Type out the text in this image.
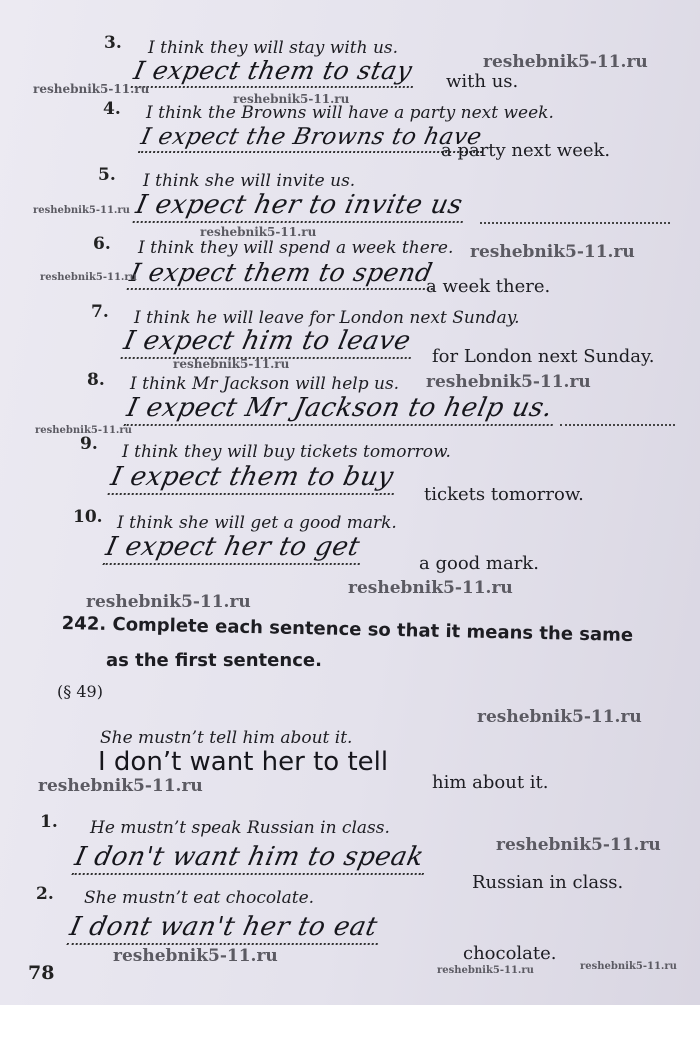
3. I think they will stay with us.
I expect them to stay with us.
4. I think the Browns will have a party next week.
I expect the Browns to have
a party next week.
5. I think she will invite us.
I expect her to invite us
6. I think they will spend a week there.
I expect them to spend
a week there.
7. I think he will leave for London next Sunday.
I expect him to leave
for London next Sunday.
8. I think Mr Jackson will help us.
I expect Mr Jackson to help us.
9. I think they will buy tickets tomorrow.
I expect them to buy
tickets tomorrow.
10. I think she will get a good mark.
I expect her to get
a good mark.
242. Complete each sentence so that it means the same
as the first sentence.
(§ 49)
She mustn’t tell him about it.
I don’t want her to tell
him about it.
1. He mustn’t speak Russian in class.
I don't want him to speak
Russian in class.
2. She mustn’t eat chocolate.
I dont wan't her to eat
chocolate.
78
reshebnik5-11.ru
reshebnik5-11.ru
reshebnik5-11.ru
reshebnik5-11.ru
reshebnik5-11.ru
reshebnik5-11.ru
reshebnik5-11.ru
reshebnik5-11.ru
reshebnik5-11.ru
reshebnik5-11.ru
reshebnik5-11.ru
reshebnik5-11.ru
reshebnik5-11.ru
reshebnik5-11.ru
reshebnik5-11.ru
reshebnik5-11.ru
reshebnik5-11.ru	reshebnik5-11.ru
